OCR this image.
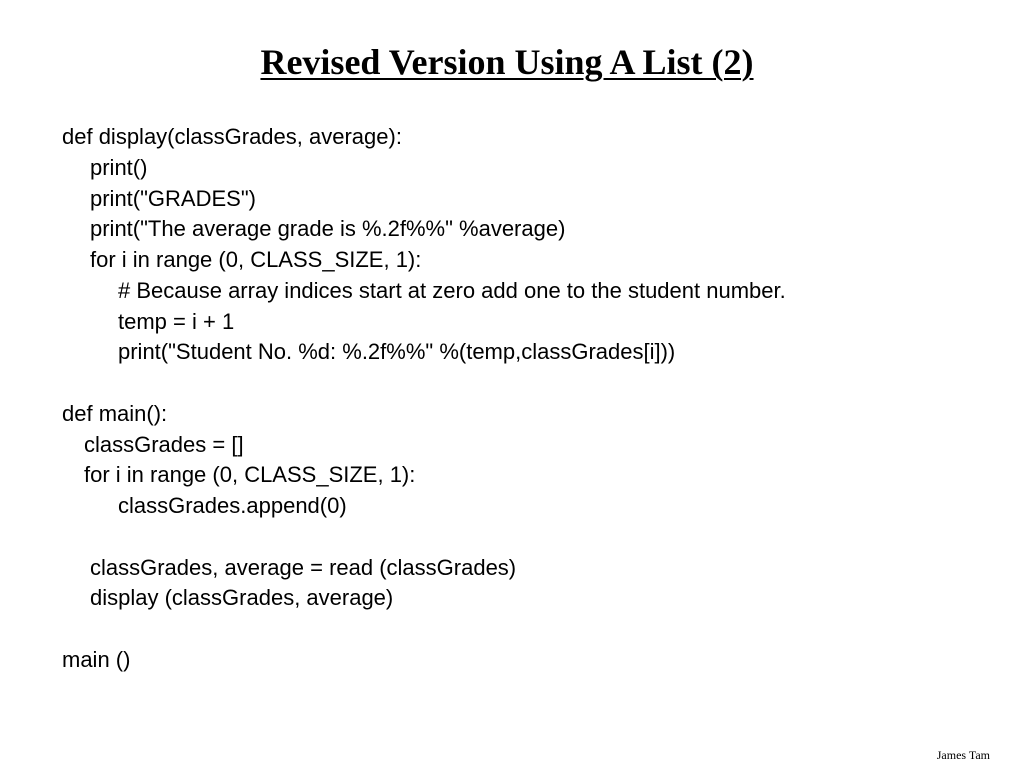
Revised Version Using A List (2)
def display(classGrades, average):
print()
print("GRADES")
print("The average grade is %.2f%%" %average)
for i in range (0, CLASS_SIZE, 1):
# Because array indices start at zero add one to the student number.
temp = i + 1
print("Student No. %d: %.2f%%" %(temp,classGrades[i]))
def main():
classGrades = []
for i in range (0, CLASS_SIZE, 1):
classGrades.append(0)
classGrades, average = read (classGrades)
display (classGrades, average)
main ()
James Tam
